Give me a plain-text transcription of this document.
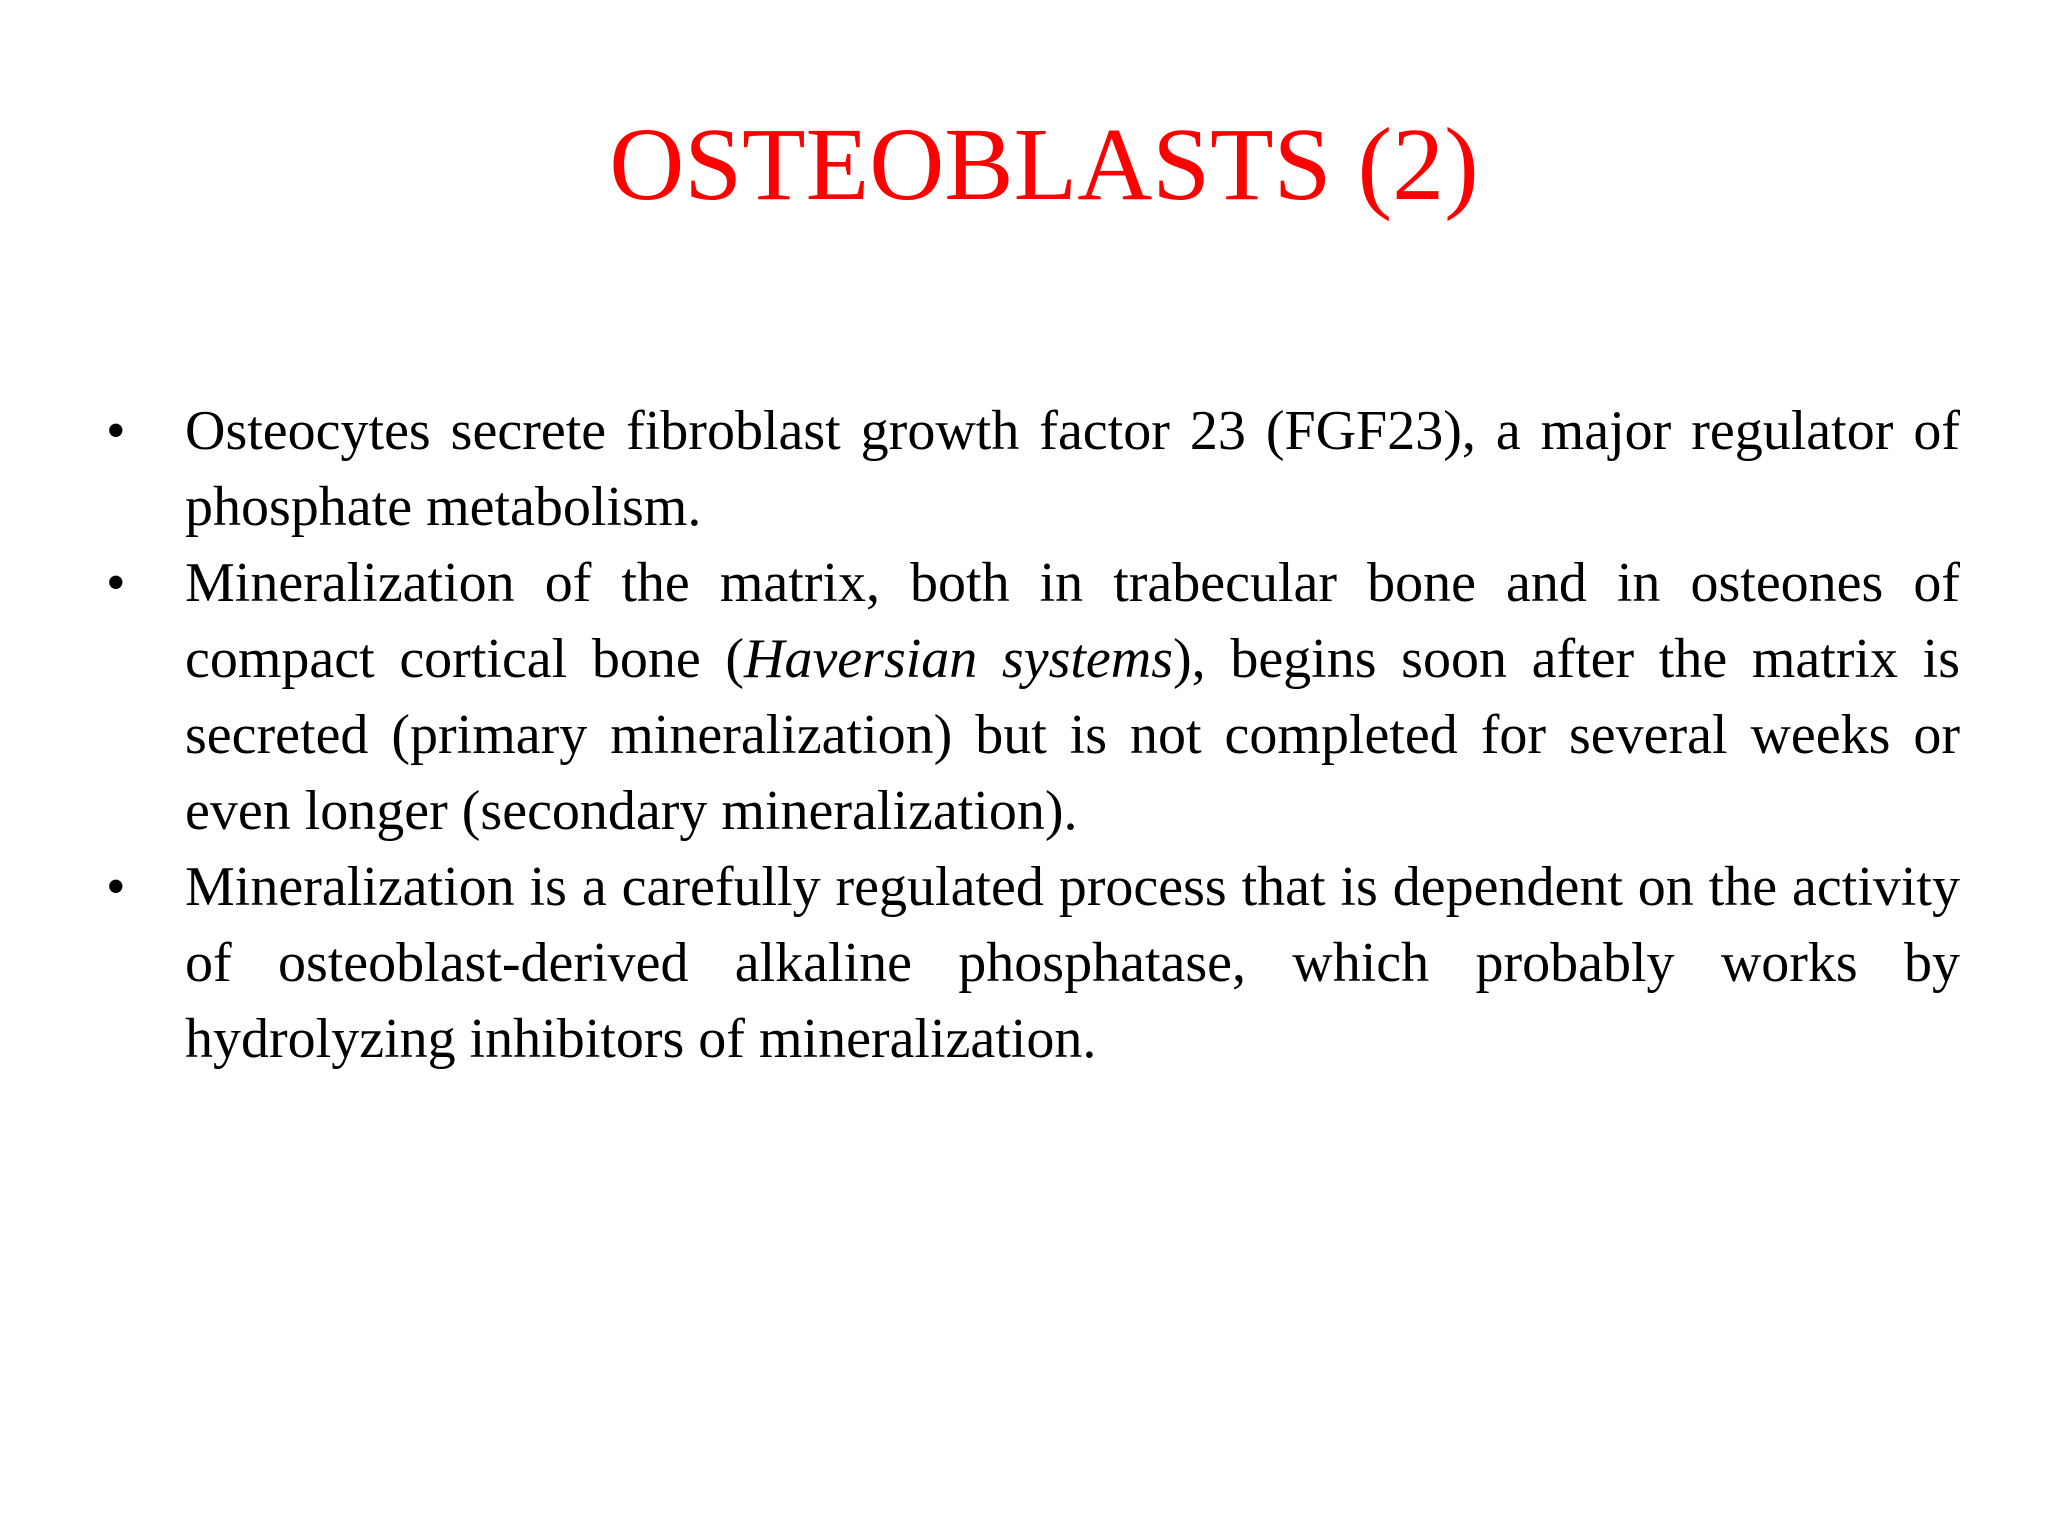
OSTEOBLASTS (2)
• Osteocytes secrete fibroblast growth factor 23 (FGF23), a major regulator of phosphate metabolism.
• Mineralization of the matrix, both in trabecular bone and in osteones of compact cortical bone (Haversian systems), begins soon after the matrix is secreted (primary mineralization) but is not completed for several weeks or even longer (secondary mineralization).
• Mineralization is a carefully regulated process that is dependent on the activity of osteoblast-derived alkaline phosphatase, which probably works by hydrolyzing inhibitors of mineralization.
